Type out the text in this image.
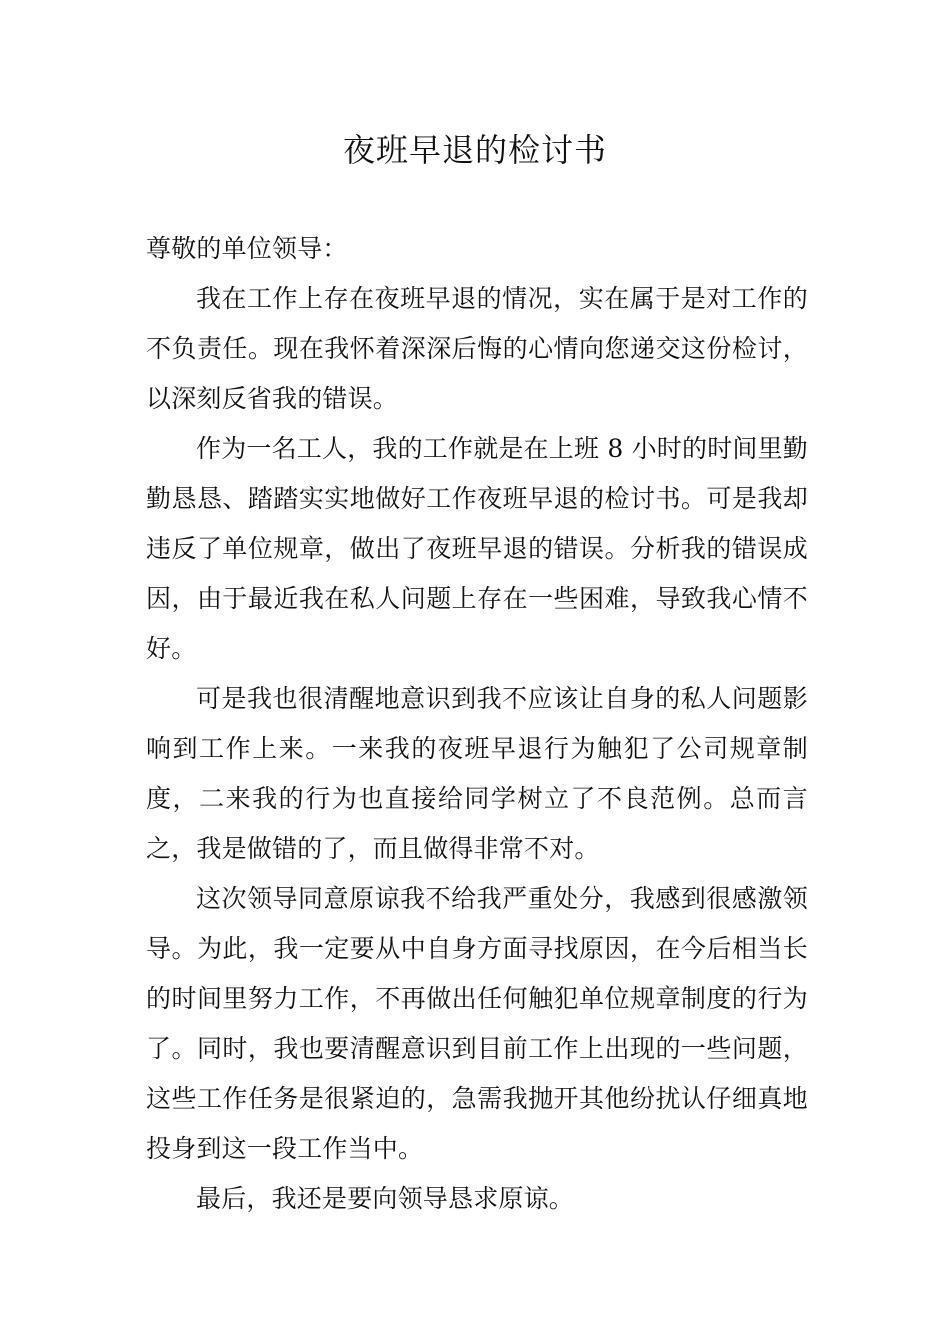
夜班早退的检讨书

尊敬的单位领导：

我在工作上存在夜班早退的情况，实在属于是对工作的不负责任。现在我怀着深深后悔的心情向您递交这份检讨，以深刻反省我的错误。

作为一名工人，我的工作就是在上班 8 小时的时间里勤勤恳恳、踏踏实实地做好工作夜班早退的检讨书。可是我却违反了单位规章，做出了夜班早退的错误。分析我的错误成因，由于最近我在私人问题上存在一些困难，导致我心情不好。

可是我也很清醒地意识到我不应该让自身的私人问题影响到工作上来。一来我的夜班早退行为触犯了公司规章制度，二来我的行为也直接给同学树立了不良范例。总而言之，我是做错的了，而且做得非常不对。

这次领导同意原谅我不给我严重处分，我感到很感激领导。为此，我一定要从中自身方面寻找原因，在今后相当长的时间里努力工作，不再做出任何触犯单位规章制度的行为了。同时，我也要清醒意识到目前工作上出现的一些问题，这些工作任务是很紧迫的，急需我抛开其他纷扰认仔细真地投身到这一段工作当中。

最后，我还是要向领导恳求原谅。
